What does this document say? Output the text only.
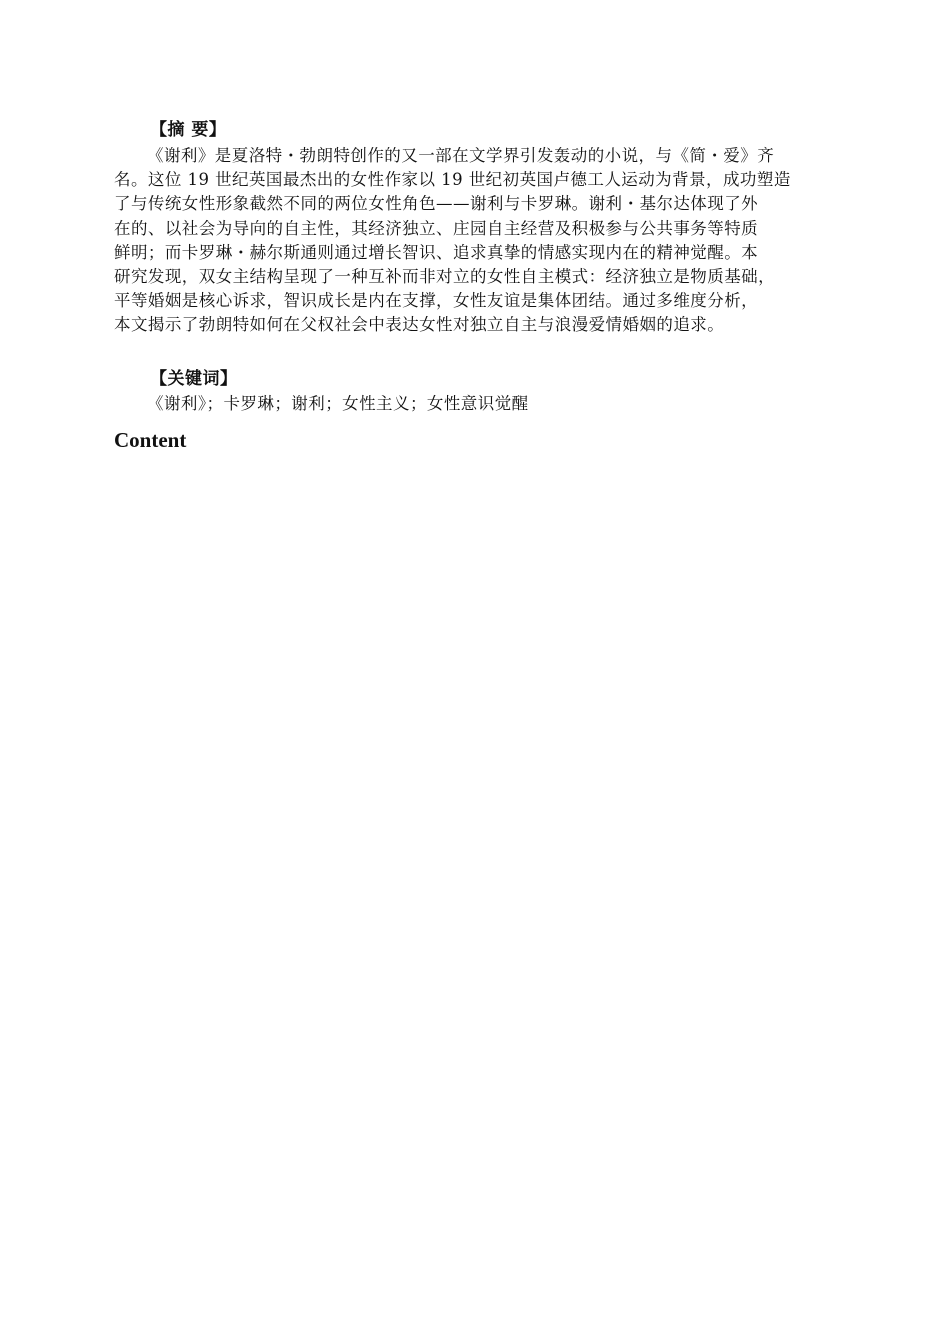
【摘 要】
《谢利》是夏洛特・勃朗特创作的又一部在文学界引发轰动的小说，与《简・爱》齐
名。这位 19 世纪英国最杰出的女性作家以 19 世纪初英国卢德工人运动为背景，成功塑造
了与传统女性形象截然不同的两位女性角色——谢利与卡罗琳。谢利・基尔达体现了外
在的、以社会为导向的自主性，其经济独立、庄园自主经营及积极参与公共事务等特质
鲜明；而卡罗琳・赫尔斯通则通过增长智识、追求真挚的情感实现内在的精神觉醒。本
研究发现，双女主结构呈现了一种互补而非对立的女性自主模式：经济独立是物质基础，
平等婚姻是核心诉求，智识成长是内在支撑，女性友谊是集体团结。通过多维度分析，
本文揭示了勃朗特如何在父权社会中表达女性对独立自主与浪漫爱情婚姻的追求。
【关键词】
《谢利》；卡罗琳；谢利；女性主义；女性意识觉醒
Content
